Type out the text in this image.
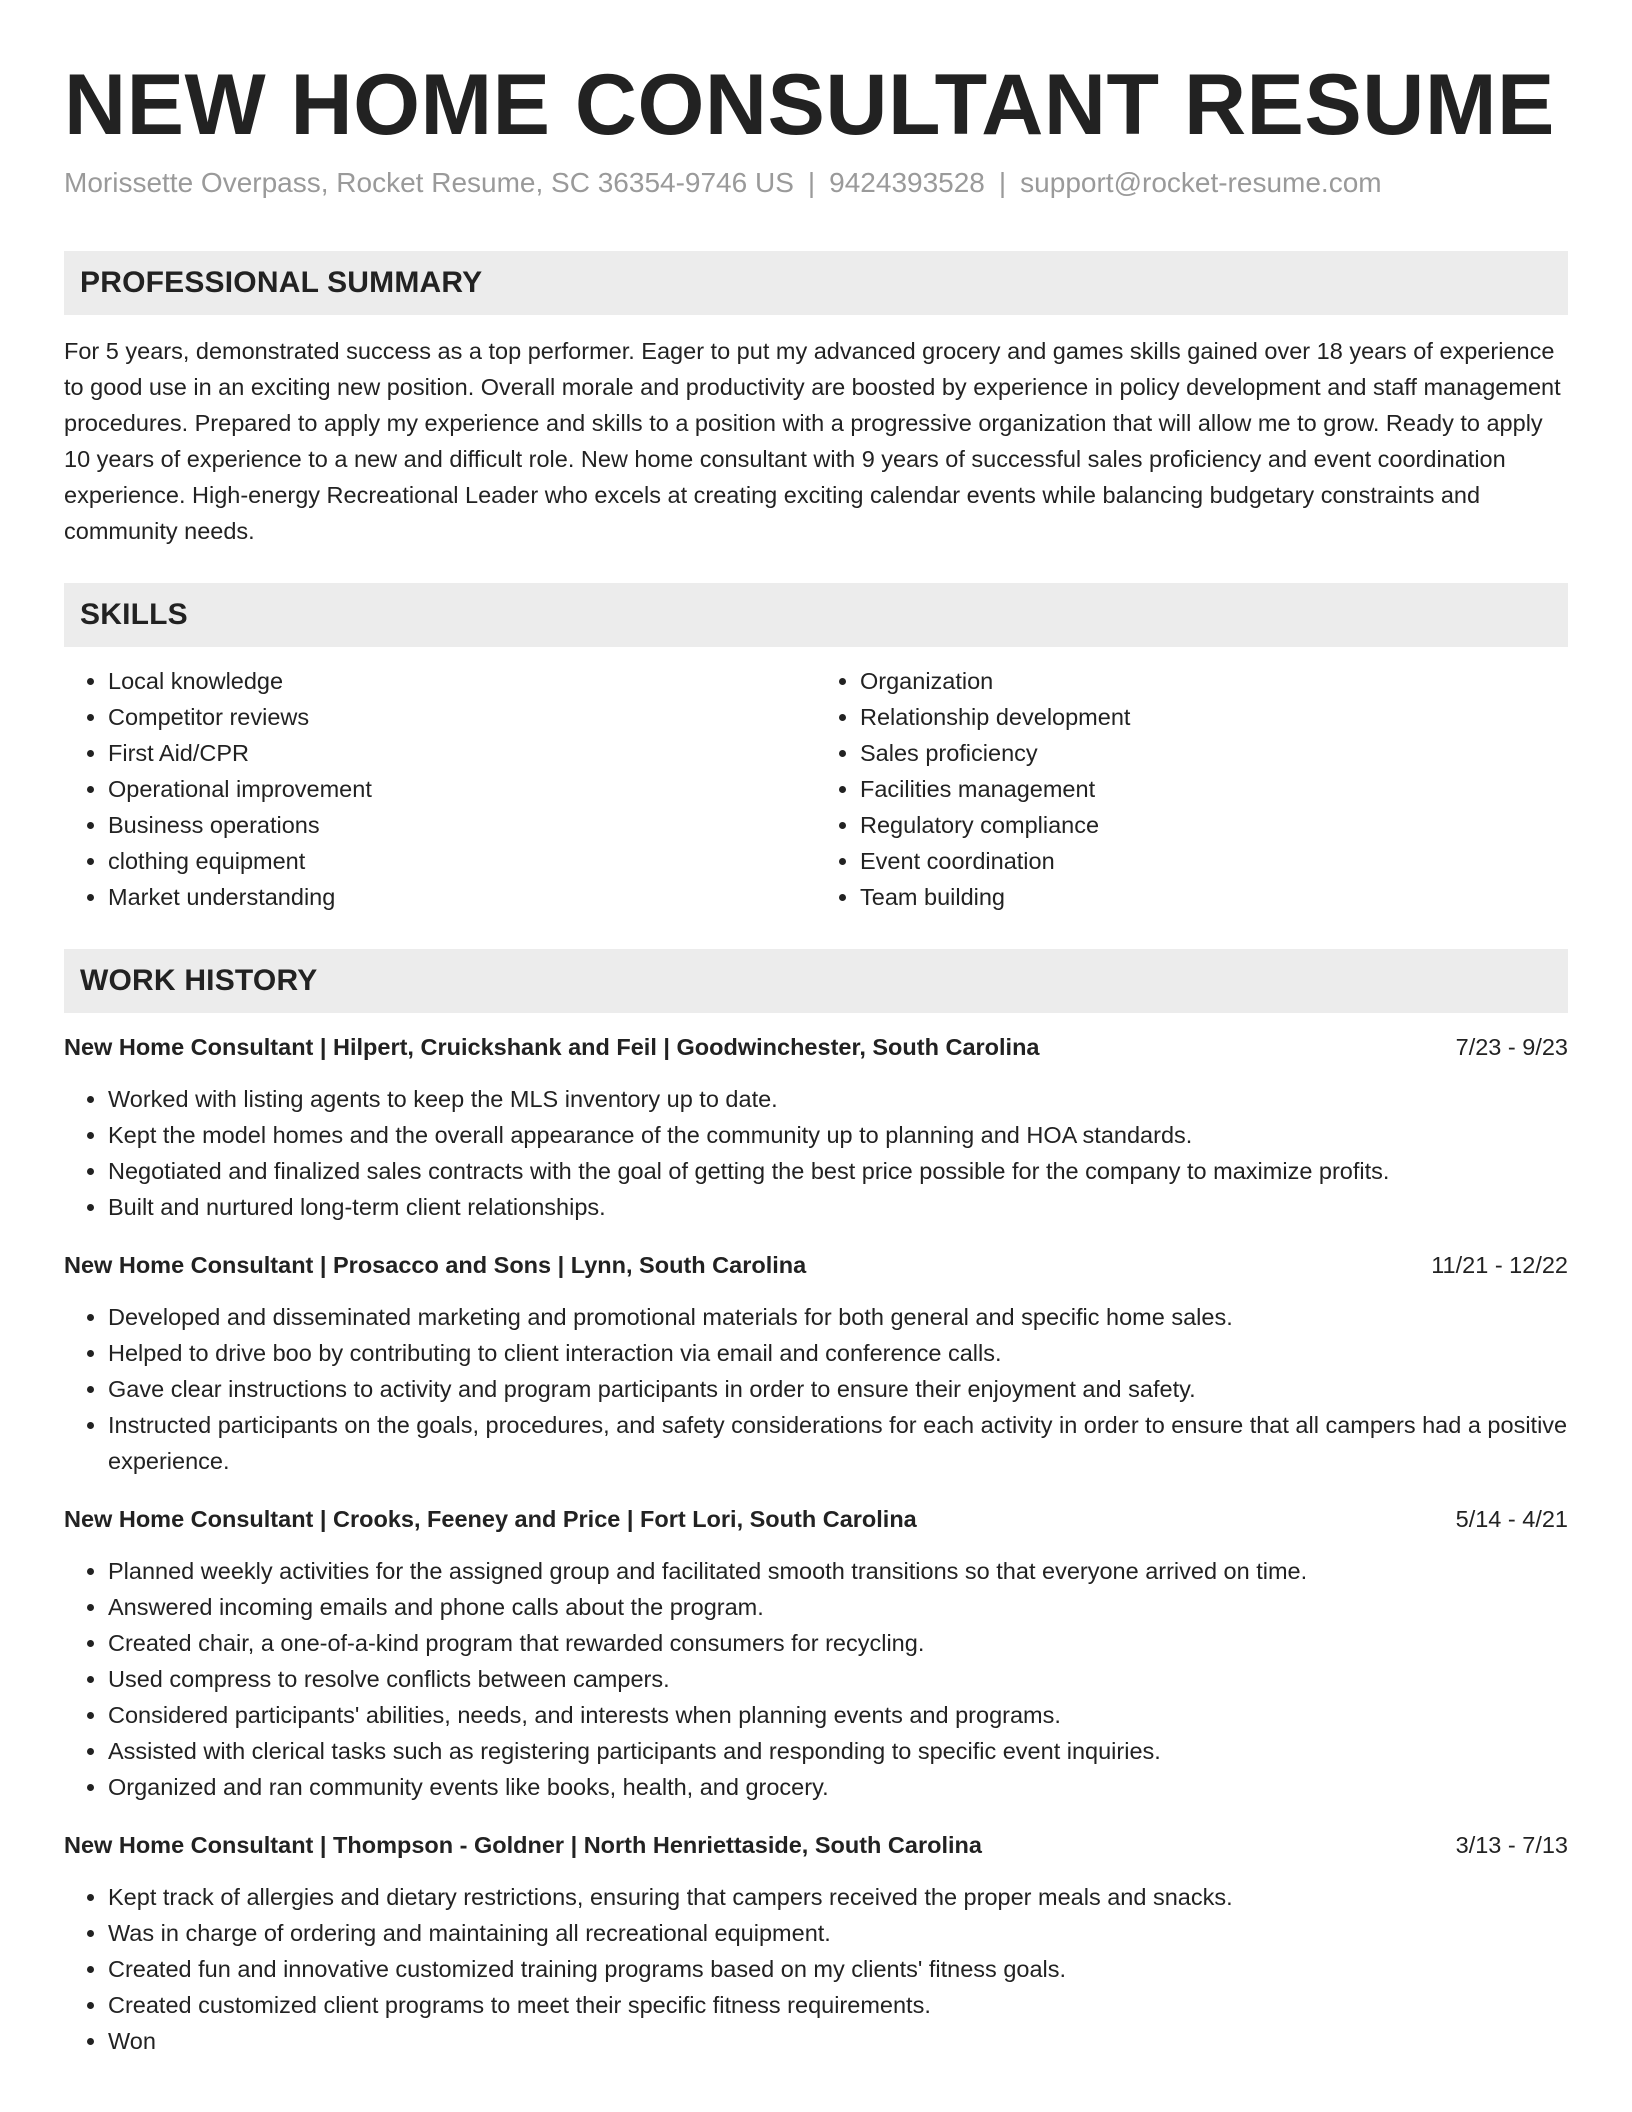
NEW HOME CONSULTANT RESUME
Morissette Overpass, Rocket Resume, SC 36354-9746 US | 9424393528 | support@rocket-resume.com
PROFESSIONAL SUMMARY
For 5 years, demonstrated success as a top performer. Eager to put my advanced grocery and games skills gained over 18 years of experience to good use in an exciting new position. Overall morale and productivity are boosted by experience in policy development and staff management procedures. Prepared to apply my experience and skills to a position with a progressive organization that will allow me to grow. Ready to apply 10 years of experience to a new and difficult role. New home consultant with 9 years of successful sales proficiency and event coordination experience. High-energy Recreational Leader who excels at creating exciting calendar events while balancing budgetary constraints and community needs.
SKILLS
• Local knowledge
• Competitor reviews
• First Aid/CPR
• Operational improvement
• Business operations
• clothing equipment
• Market understanding
• Organization
• Relationship development
• Sales proficiency
• Facilities management
• Regulatory compliance
• Event coordination
• Team building
WORK HISTORY
New Home Consultant | Hilpert, Cruickshank and Feil | Goodwinchester, South Carolina	7/23 - 9/23
• Worked with listing agents to keep the MLS inventory up to date.
• Kept the model homes and the overall appearance of the community up to planning and HOA standards.
• Negotiated and finalized sales contracts with the goal of getting the best price possible for the company to maximize profits.
• Built and nurtured long-term client relationships.
New Home Consultant | Prosacco and Sons | Lynn, South Carolina	11/21 - 12/22
• Developed and disseminated marketing and promotional materials for both general and specific home sales.
• Helped to drive boo by contributing to client interaction via email and conference calls.
• Gave clear instructions to activity and program participants in order to ensure their enjoyment and safety.
• Instructed participants on the goals, procedures, and safety considerations for each activity in order to ensure that all campers had a positive experience.
New Home Consultant | Crooks, Feeney and Price | Fort Lori, South Carolina	5/14 - 4/21
• Planned weekly activities for the assigned group and facilitated smooth transitions so that everyone arrived on time.
• Answered incoming emails and phone calls about the program.
• Created chair, a one-of-a-kind program that rewarded consumers for recycling.
• Used compress to resolve conflicts between campers.
• Considered participants' abilities, needs, and interests when planning events and programs.
• Assisted with clerical tasks such as registering participants and responding to specific event inquiries.
• Organized and ran community events like books, health, and grocery.
New Home Consultant | Thompson - Goldner | North Henriettaside, South Carolina	3/13 - 7/13
• Kept track of allergies and dietary restrictions, ensuring that campers received the proper meals and snacks.
• Was in charge of ordering and maintaining all recreational equipment.
• Created fun and innovative customized training programs based on my clients' fitness goals.
• Created customized client programs to meet their specific fitness requirements.
• Won
